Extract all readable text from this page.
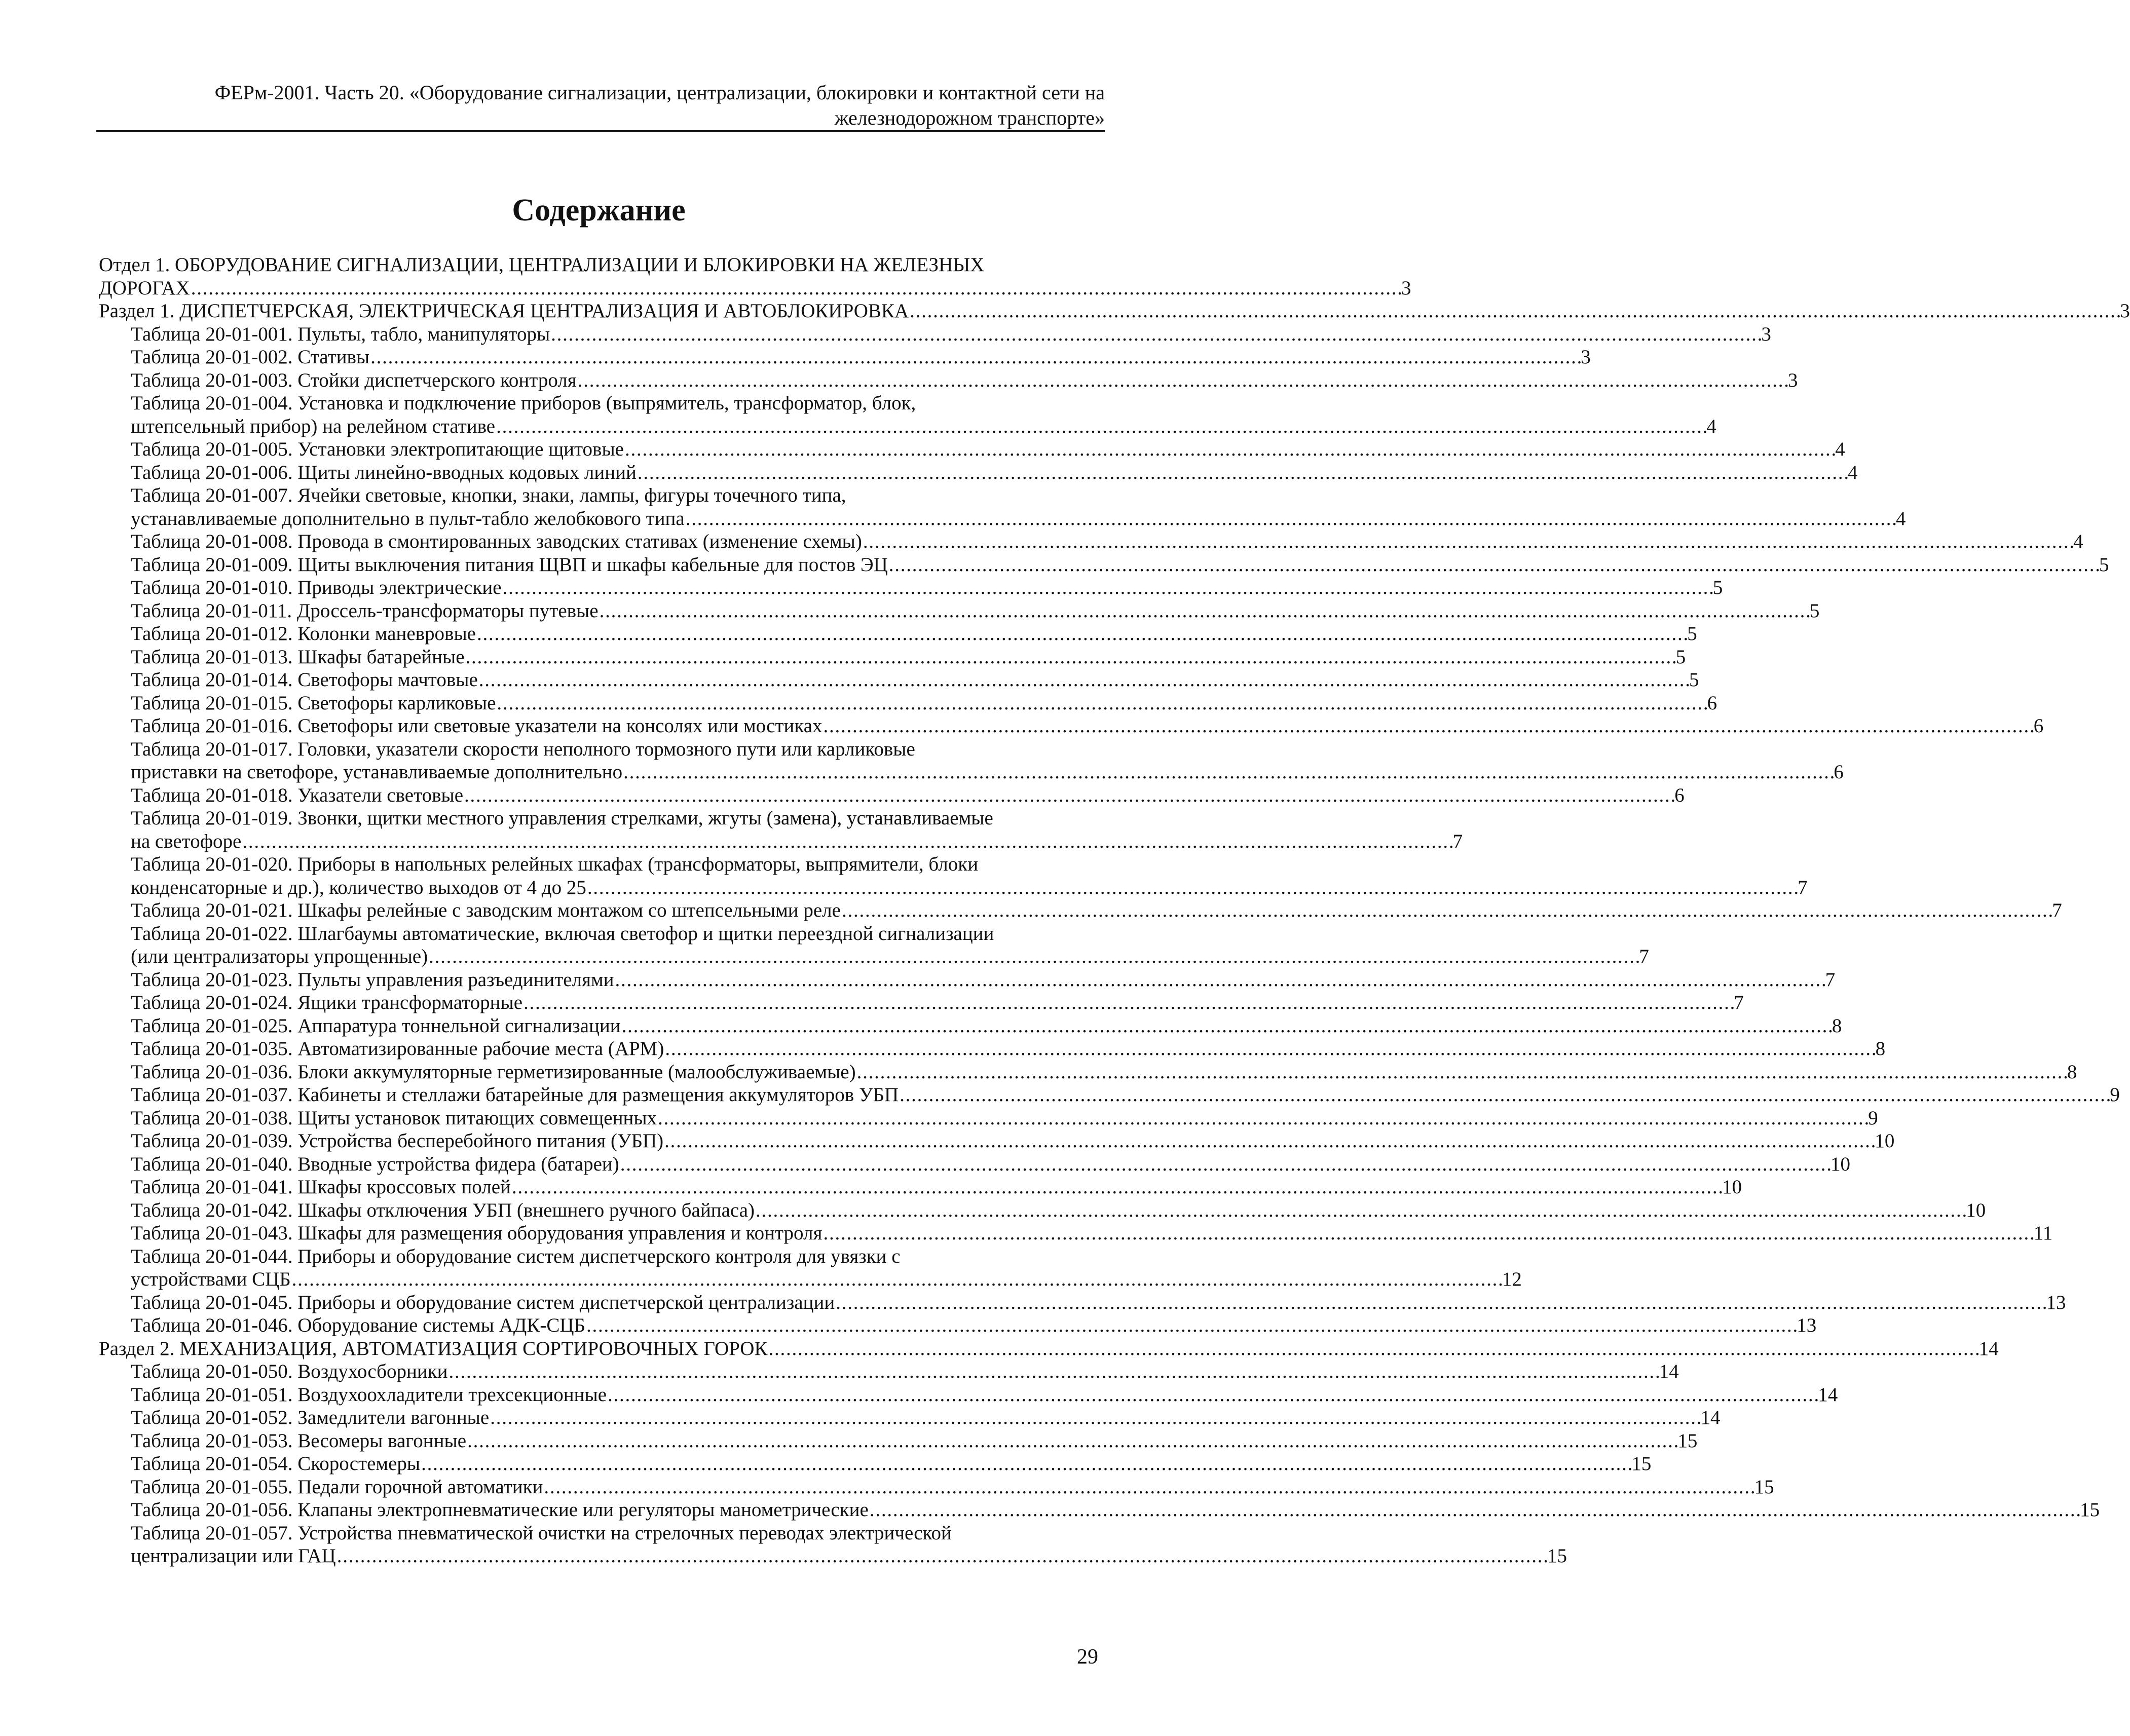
ФЕРм-2001. Часть 20. «Оборудование сигнализации, централизации, блокировки и контактной сети на
железнодорожном транспорте»
Содержание
Отдел 1. ОБОРУДОВАНИЕ СИГНАЛИЗАЦИИ, ЦЕНТРАЛИЗАЦИИ И БЛОКИРОВКИ НА ЖЕЛЕЗНЫХ
ДОРОГАХ . . .	3
Раздел 1. ДИСПЕТЧЕРСКАЯ, ЭЛЕКТРИЧЕСКАЯ ЦЕНТРАЛИЗАЦИЯ И АВТОБЛОКИРОВКА . . .	3
Таблица 20-01-001. Пульты, табло, манипуляторы . . .	3
Таблица 20-01-002. Стативы . . .	3
Таблица 20-01-003. Стойки диспетчерского контроля . . .	3
Таблица 20-01-004. Установка и подключение приборов (выпрямитель, трансформатор, блок,
штепсельный прибор) на релейном стативе . . .	4
Таблица 20-01-005. Установки электропитающие щитовые . . .	4
Таблица 20-01-006. Щиты линейно-вводных кодовых линий . . .	4
Таблица 20-01-007. Ячейки световые, кнопки, знаки, лампы, фигуры точечного типа,
устанавливаемые дополнительно в пульт-табло желобкового типа . . .	4
Таблица 20-01-008. Провода в смонтированных заводских стативах (изменение схемы) . . .	4
Таблица 20-01-009. Щиты выключения питания ЩВП и шкафы кабельные для постов ЭЦ . . .	5
Таблица 20-01-010. Приводы электрические . . .	5
Таблица 20-01-011. Дроссель-трансформаторы путевые . . .	5
Таблица 20-01-012. Колонки маневровые . . .	5
Таблица 20-01-013. Шкафы батарейные . . .	5
Таблица 20-01-014. Светофоры мачтовые . . .	5
Таблица 20-01-015. Светофоры карликовые . . .	6
Таблица 20-01-016. Светофоры или световые указатели на консолях или мостиках . . .	6
Таблица 20-01-017. Головки, указатели скорости неполного тормозного пути или карликовые
приставки на светофоре, устанавливаемые дополнительно . . .	6
Таблица 20-01-018. Указатели световые . . .	6
Таблица 20-01-019. Звонки, щитки местного управления стрелками, жгуты (замена), устанавливаемые
на светофоре . . .	7
Таблица 20-01-020. Приборы в напольных релейных шкафах (трансформаторы, выпрямители, блоки
конденсаторные и др.), количество выходов от 4 до 25 . . .	7
Таблица 20-01-021. Шкафы релейные с заводским монтажом со штепсельными реле . . .	7
Таблица 20-01-022. Шлагбаумы автоматические, включая светофор и щитки переездной сигнализации
(или централизаторы упрощенные) . . .	7
Таблица 20-01-023. Пульты управления разъединителями . . .	7
Таблица 20-01-024. Ящики трансформаторные . . .	7
Таблица 20-01-025. Аппаратура тоннельной сигнализации . . .	8
Таблица 20-01-035. Автоматизированные рабочие места (АРМ) . . .	8
Таблица 20-01-036. Блоки аккумуляторные герметизированные (малообслуживаемые) . . .	8
Таблица 20-01-037. Кабинеты и стеллажи батарейные для размещения аккумуляторов УБП . . .	9
Таблица 20-01-038. Щиты установок питающих совмещенных . . .	9
Таблица 20-01-039. Устройства бесперебойного питания (УБП) . . .	10
Таблица 20-01-040. Вводные устройства фидера (батареи) . . .	10
Таблица 20-01-041. Шкафы кроссовых полей . . .	10
Таблица 20-01-042. Шкафы отключения УБП (внешнего ручного байпаса) . . .	10
Таблица 20-01-043. Шкафы для размещения оборудования управления и контроля . . .	11
Таблица 20-01-044. Приборы и оборудование систем диспетчерского контроля для увязки с
устройствами СЦБ . . .	12
Таблица 20-01-045. Приборы и оборудование систем диспетчерской централизации . . .	13
Таблица 20-01-046. Оборудование системы АДК-СЦБ . . .	13
Раздел 2. МЕХАНИЗАЦИЯ, АВТОМАТИЗАЦИЯ СОРТИРОВОЧНЫХ ГОРОК . . .	14
Таблица 20-01-050. Воздухосборники . . .	14
Таблица 20-01-051. Воздухоохладители трехсекционные . . .	14
Таблица 20-01-052. Замедлители вагонные . . .	14
Таблица 20-01-053. Весомеры вагонные . . .	15
Таблица 20-01-054. Скоростемеры . . .	15
Таблица 20-01-055. Педали горочной автоматики . . .	15
Таблица 20-01-056. Клапаны электропневматические или регуляторы манометрические . . .	15
Таблица 20-01-057. Устройства пневматической очистки на стрелочных переводах электрической
централизации или ГАЦ . . .	15
29
